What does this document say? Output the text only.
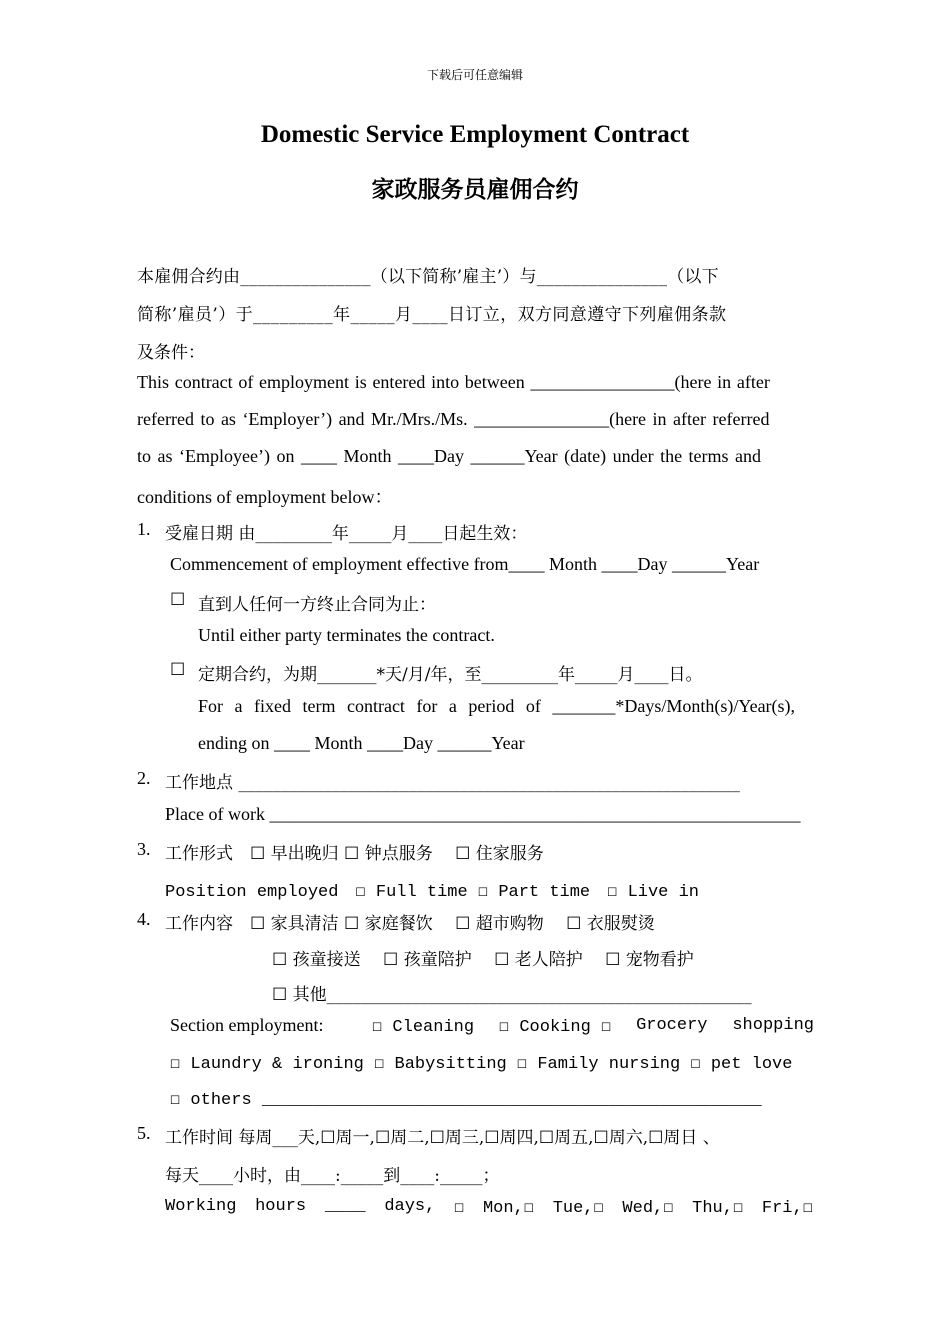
下载后可任意编辑
Domestic Service Employment Contract
家政服务员雇佣合约
本雇佣合约由_______________（以下简称’雇主’）与_______________（以下
简称’雇员’）于_________年_____月____日订立，双方同意遵守下列雇佣条款
及条件：
This contract of employment is entered into between ________________(here in after
referred to as ‘Employer’) and Mr./Mrs./Ms. _______________(here in after referred
to as ‘Employee’) on ____ Month ____Day ______Year (date) under the terms and
conditions of employment below：
1. 受雇日期 由_________年_____月____日起生效：
Commencement of employment effective from____ Month ____Day ______Year
☐ 直到人任何一方终止合同为止：
Until either party terminates the contract.
☐ 定期合约，为期_______*天/月/年，至_________年_____月____日。
For a fixed term contract for a period of _______*Days/Month(s)/Year(s),
ending on ____ Month ____Day ______Year
2. 工作地点 ___________________________________________________________
Place of work ___________________________________________________________
3. 工作形式　☐ 早出晚归 ☐ 钟点服务　 ☐ 住家服务
Position employed　☐ Full time ☐ Part time　☐ Live in
4. 工作内容　☐ 家具清洁 ☐ 家庭餐饮　 ☐ 超市购物　 ☐ 衣服熨烫
☐ 孩童接送　 ☐ 孩童陪护　 ☐ 老人陪护　 ☐ 宠物看护
☐ 其他__________________________________________________
Section employment:	☐ Cleaning ☐ Cooking ☐ Grocery shopping
☐ Laundry & ironing ☐ Babysitting ☐ Family nursing ☐ pet love
☐ others _________________________________________________
5. 工作时间 每周___天,☐周一,☐周二,☐周三,☐周四,☐周五,☐周六,☐周日 、
每天____小时，由____:_____到____:_____；
Working hours ____ days, ☐ Mon,☐ Tue,☐ Wed,☐ Thu,☐ Fri,☐
